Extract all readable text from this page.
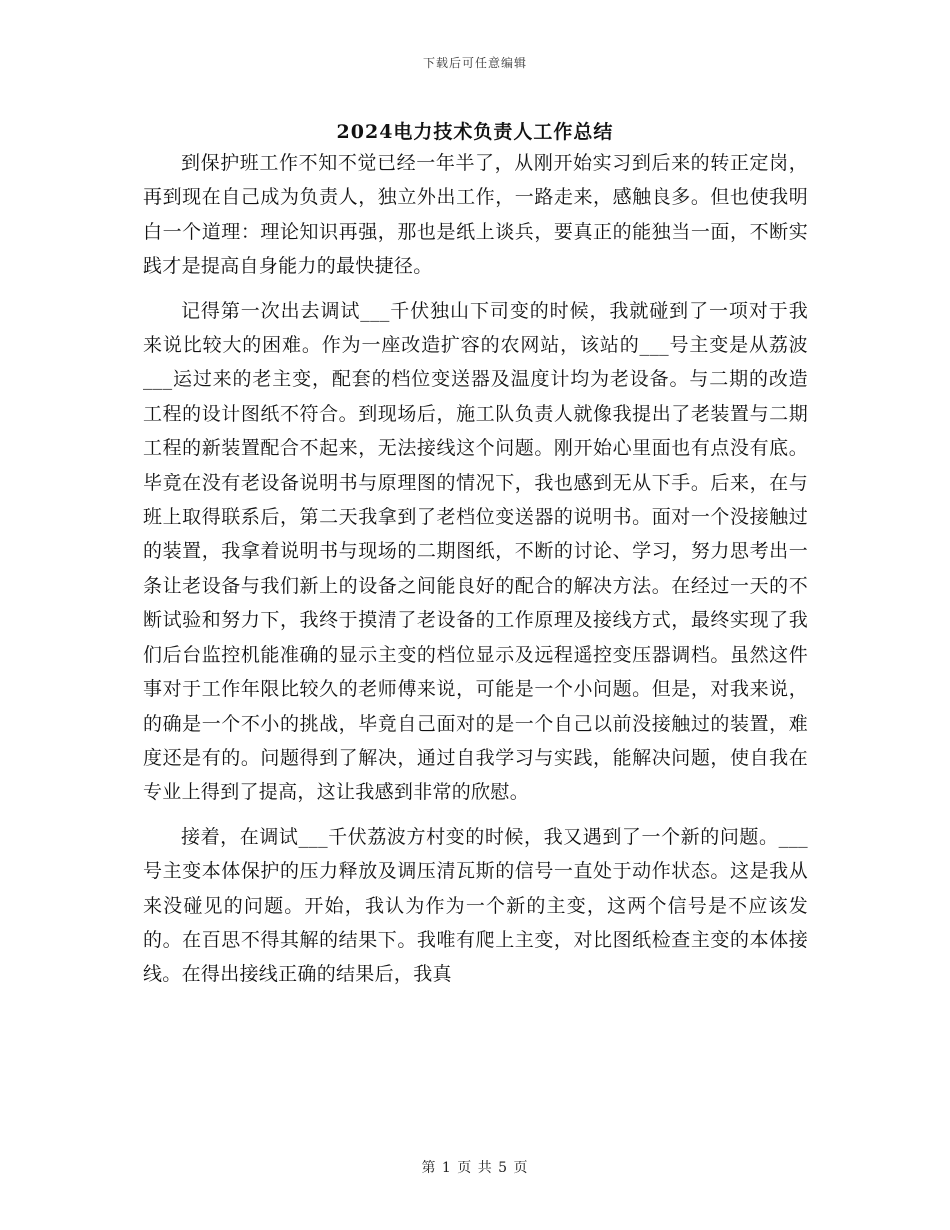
下载后可任意编辑
2024电力技术负责人工作总结

到保护班工作不知不觉已经一年半了，从刚开始实习到后来的转正定岗，再到现在自己成为负责人，独立外出工作，一路走来，感触良多。但也使我明白一个道理：理论知识再强，那也是纸上谈兵，要真正的能独当一面，不断实践才是提高自身能力的最快捷径。

记得第一次出去调试___千伏独山下司变的时候，我就碰到了一项对于我来说比较大的困难。作为一座改造扩容的农网站，该站的___号主变是从荔波___运过来的老主变，配套的档位变送器及温度计均为老设备。与二期的改造工程的设计图纸不符合。到现场后，施工队负责人就像我提出了老装置与二期工程的新装置配合不起来，无法接线这个问题。刚开始心里面也有点没有底。毕竟在没有老设备说明书与原理图的情况下，我也感到无从下手。后来，在与班上取得联系后，第二天我拿到了老档位变送器的说明书。面对一个没接触过的装置，我拿着说明书与现场的二期图纸，不断的讨论、学习，努力思考出一条让老设备与我们新上的设备之间能良好的配合的解决方法。在经过一天的不断试验和努力下，我终于摸清了老设备的工作原理及接线方式，最终实现了我们后台监控机能准确的显示主变的档位显示及远程遥控变压器调档。虽然这件事对于工作年限比较久的老师傅来说，可能是一个小问题。但是，对我来说，的确是一个不小的挑战，毕竟自己面对的是一个自己以前没接触过的装置，难度还是有的。问题得到了解决，通过自我学习与实践，能解决问题，使自我在专业上得到了提高，这让我感到非常的欣慰。

接着，在调试___千伏荔波方村变的时候，我又遇到了一个新的问题。___号主变本体保护的压力释放及调压清瓦斯的信号一直处于动作状态。这是我从来没碰见的问题。开始，我认为作为一个新的主变，这两个信号是不应该发的。在百思不得其解的结果下。我唯有爬上主变，对比图纸检查主变的本体接线。在得出接线正确的结果后，我真

第 1 页 共 5 页
